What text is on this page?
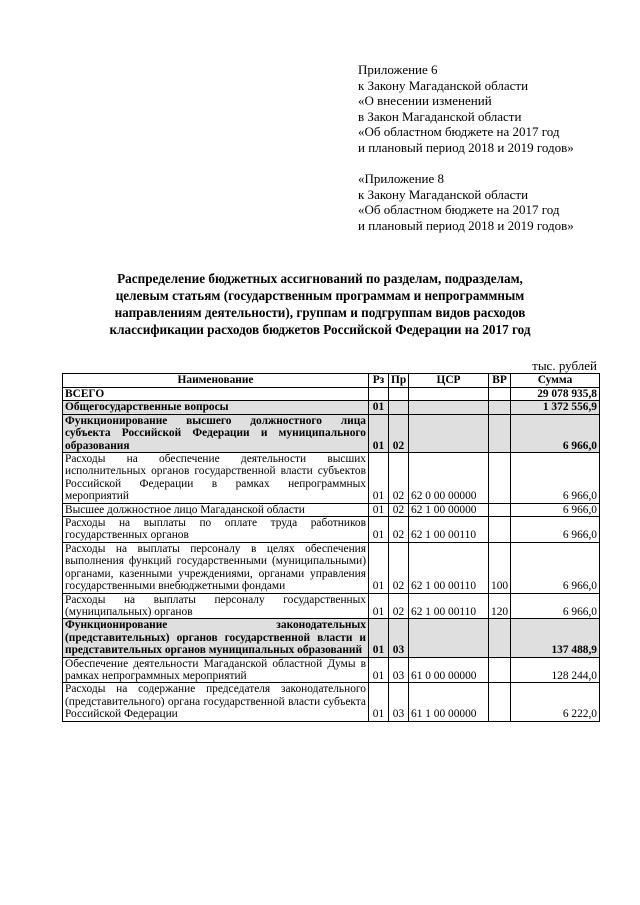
Приложение 6
к Закону Магаданской области
«О внесении изменений
в Закон Магаданской области
«Об областном бюджете на 2017 год
и плановый период 2018 и 2019 годов»
«Приложение 8
к Закону Магаданской области
«Об областном бюджете на 2017 год
и плановый период 2018 и 2019 годов»
Распределение бюджетных ассигнований по разделам, подразделам,
целевым статьям (государственным программам и непрограммным
направлениям деятельности), группам и подгруппам видов расходов
классификации расходов бюджетов Российской Федерации на 2017 год
тыс. рублей
Наименование	Рз	Пр	ЦСР	ВР	Сумма
ВСЕГО					29 078 935,8
Общегосударственные вопросы	01				1 372 556,9
Функционирование высшего должностного лица субъекта Российской Федерации и муниципального образования	01	02			6 966,0
Расходы на обеспечение деятельности высших исполнительных органов государственной власти субъектов Российской Федерации в рамках непрограммных мероприятий	01	02	62 0 00 00000		6 966,0
Высшее должностное лицо Магаданской области	01	02	62 1 00 00000		6 966,0
Расходы на выплаты по оплате труда работников государственных органов	01	02	62 1 00 00110		6 966,0
Расходы на выплаты персоналу в целях обеспечения выполнения функций государственными (муниципальными) органами, казенными учреждениями, органами управления государственными внебюджетными фондами	01	02	62 1 00 00110	100	6 966,0
Расходы на выплаты персоналу государственных (муниципальных) органов	01	02	62 1 00 00110	120	6 966,0
Функционирование законодательных (представительных) органов государственной власти и представительных органов муниципальных образований	01	03			137 488,9
Обеспечение деятельности Магаданской областной Думы в рамках непрограммных мероприятий	01	03	61 0 00 00000		128 244,0
Расходы на содержание председателя законодательного (представительного) органа государственной власти субъекта Российской Федерации	01	03	61 1 00 00000		6 222,0
